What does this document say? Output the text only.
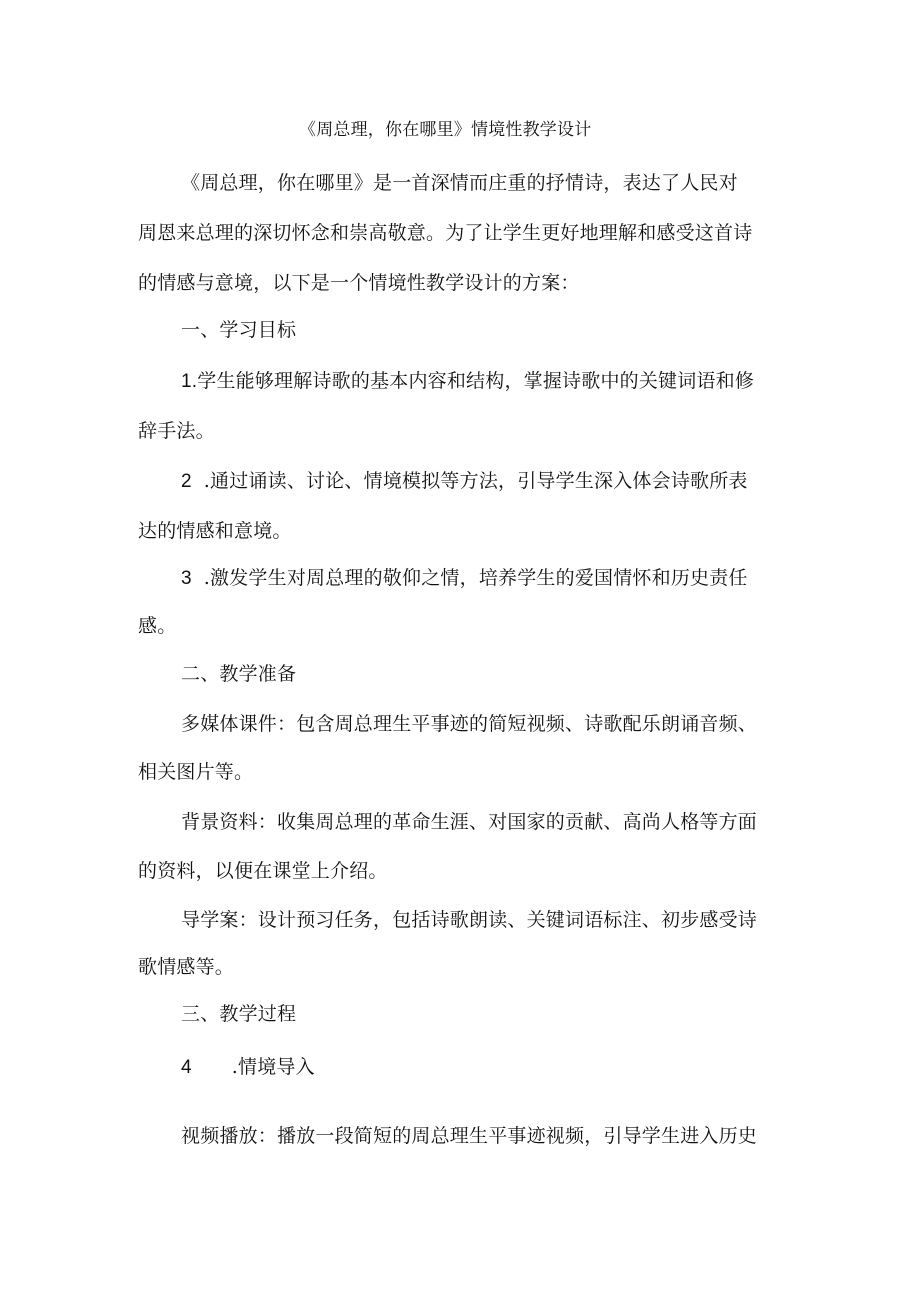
《周总理，你在哪里》情境性教学设计
《周总理，你在哪里》是一首深情而庄重的抒情诗，表达了人民对
周恩来总理的深切怀念和崇高敬意。为了让学生更好地理解和感受这首诗
的情感与意境，以下是一个情境性教学设计的方案：
一、学习目标
1.学生能够理解诗歌的基本内容和结构，掌握诗歌中的关键词语和修
辞手法。
2 .通过诵读、讨论、情境模拟等方法，引导学生深入体会诗歌所表
达的情感和意境。
3 .激发学生对周总理的敬仰之情，培养学生的爱国情怀和历史责任
感。
二、教学准备
多媒体课件：包含周总理生平事迹的简短视频、诗歌配乐朗诵音频、
相关图片等。
背景资料：收集周总理的革命生涯、对国家的贡献、高尚人格等方面
的资料，以便在课堂上介绍。
导学案：设计预习任务，包括诗歌朗读、关键词语标注、初步感受诗
歌情感等。
三、教学过程
4 .情境导入
视频播放：播放一段简短的周总理生平事迹视频，引导学生进入历史
